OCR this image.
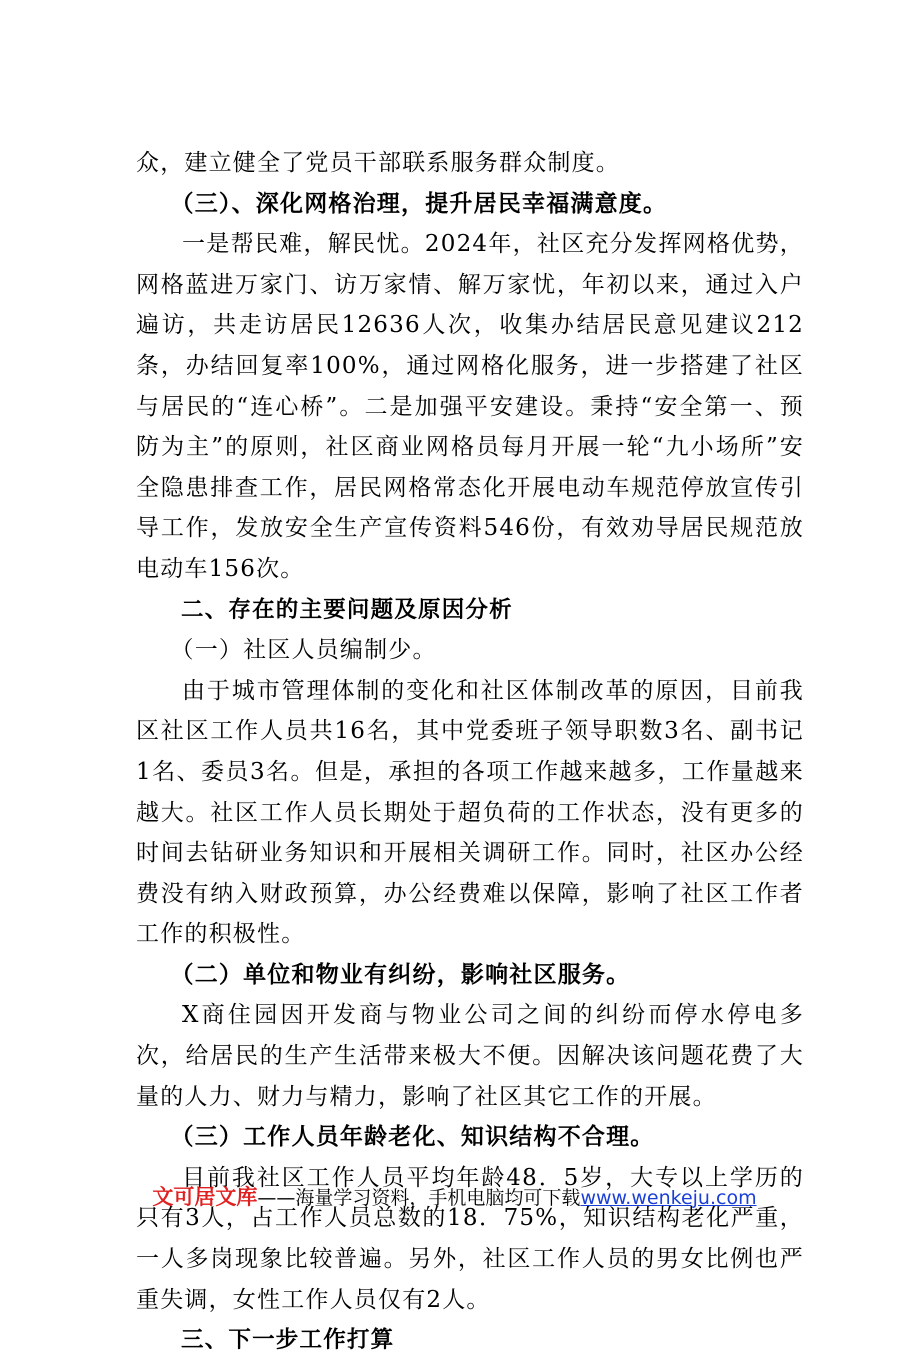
众，建立健全了党员干部联系服务群众制度。

（三）、深化网格治理，提升居民幸福满意度。

一是帮民难，解民忧。2024年，社区充分发挥网格优势，网格蓝进万家门、访万家情、解万家忧，年初以来，通过入户遍访，共走访居民12636人次，收集办结居民意见建议212条，办结回复率100%，通过网格化服务，进一步搭建了社区与居民的“连心桥”。二是加强平安建设。秉持“安全第一、预防为主”的原则，社区商业网格员每月开展一轮“九小场所”安全隐患排查工作，居民网格常态化开展电动车规范停放宣传引导工作，发放安全生产宣传资料546份，有效劝导居民规范放电动车156次。

二、存在的主要问题及原因分析

（一）社区人员编制少。

由于城市管理体制的变化和社区体制改革的原因，目前我区社区工作人员共16名，其中党委班子领导职数3名、副书记1名、委员3名。但是，承担的各项工作越来越多，工作量越来越大。社区工作人员长期处于超负荷的工作状态，没有更多的时间去钻研业务知识和开展相关调研工作。同时，社区办公经费没有纳入财政预算，办公经费难以保障，影响了社区工作者工作的积极性。

（二）单位和物业有纠纷，影响社区服务。

X商住园因开发商与物业公司之间的纠纷而停水停电多次，给居民的生产生活带来极大不便。因解决该问题花费了大量的人力、财力与精力，影响了社区其它工作的开展。

（三）工作人员年龄老化、知识结构不合理。

目前我社区工作人员平均年龄48．5岁，大专以上学历的只有3人，占工作人员总数的18．75%，知识结构老化严重，一人多岗现象比较普遍。另外，社区工作人员的男女比例也严重失调，女性工作人员仅有2人。

三、下一步工作打算

文可居文库——海量学习资料，手机电脑均可下载www.wenkeju.com
